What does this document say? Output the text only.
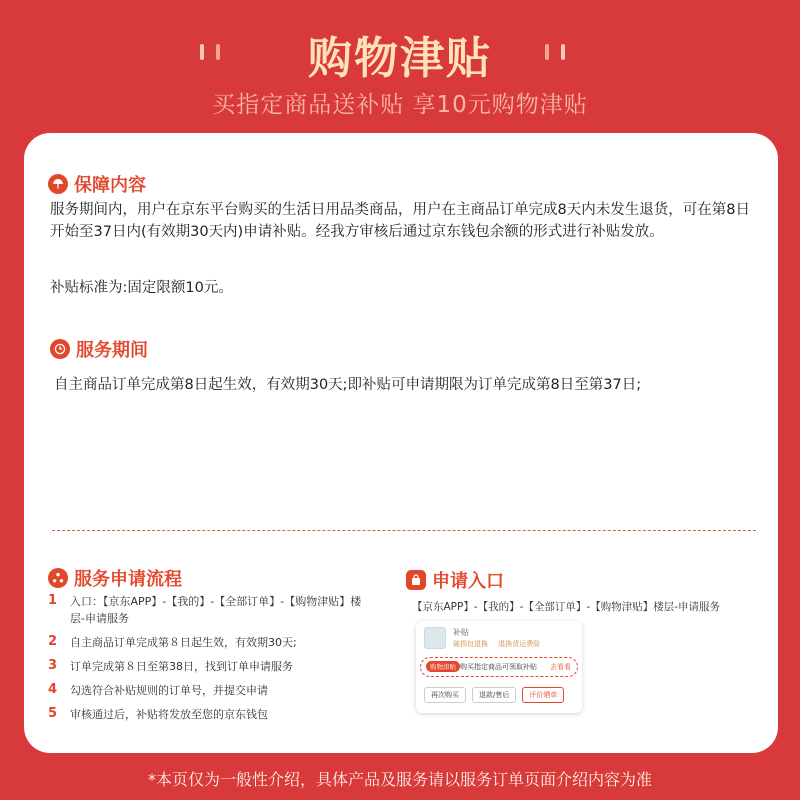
购物津贴
买指定商品送补贴 享10元购物津贴
保障内容
服务期间内，用户在京东平台购买的生活日用品类商品，用户在主商品订单完成8天内未发生退货，可在第8日开始至37日内(有效期30天内)申请补贴。经我方审核后通过京东钱包余额的形式进行补贴发放。
补贴标准为:固定限额10元。
服务期间
自主商品订单完成第8日起生效，有效期30天;即补贴可申请期限为订单完成第8日至第37日;
服务申请流程
1	入口：【京东APP】-【我的】-【全部订单】-【购物津贴】楼层-申请服务
2	自主商品订单完成第８日起生效，有效期30天;
3	订单完成第８日至第38日，找到订单申请服务
4	勾选符合补贴规则的订单号，并提交申请
5	审核通过后，补贴将发放至您的京东钱包
申请入口
【京东APP】-【我的】-【全部订单】-【购物津贴】楼层-申请服务
补贴
破损包退换 退换货运费险
购物津贴 购买指定商品可领取补贴 去看看
再次购买	退款/售后	评价晒单
*本页仅为一般性介绍，具体产品及服务请以服务订单页面介绍内容为准
